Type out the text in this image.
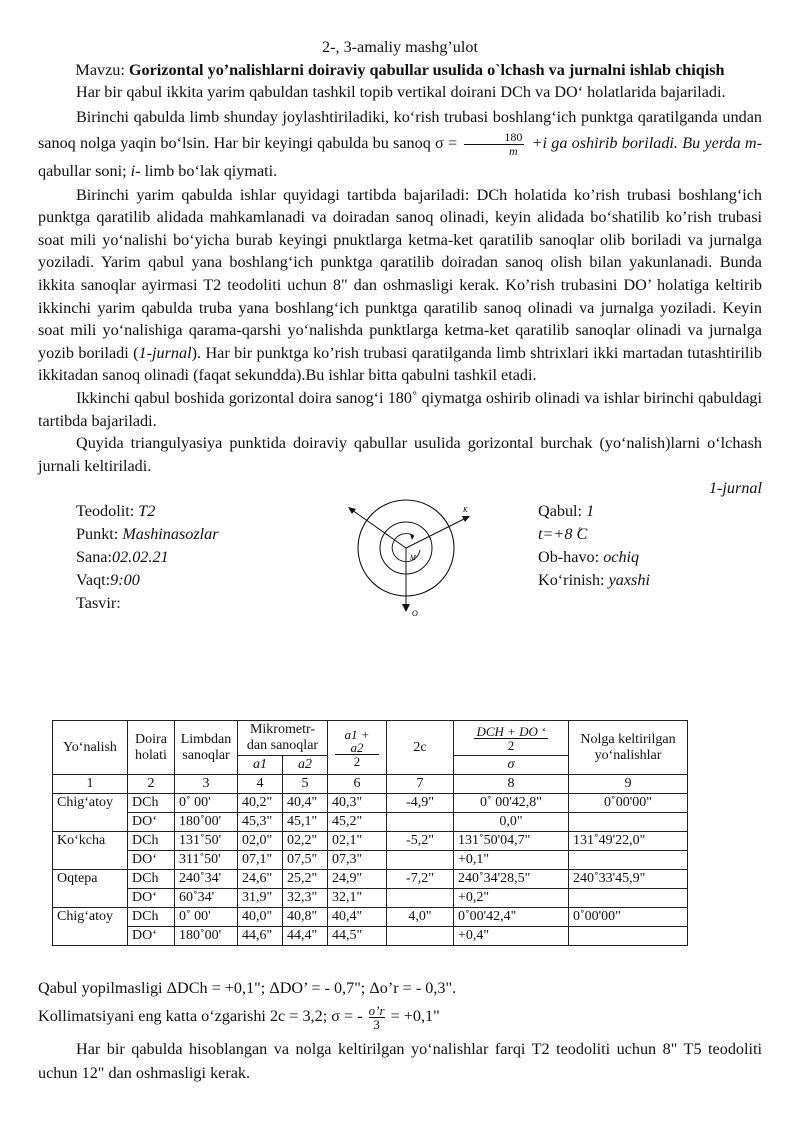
2-, 3-amaliy mashg’ulot

Mavzu: Gorizontal yo’nalishlarni doiraviy qabullar usulida o`lchash va jurnalni ishlab chiqish

Har bir qabul ikkita yarim qabuldan tashkil topib vertikal doirani DCh va DO‘ holatlarida bajariladi.

Birinchi qabulda limb shunday joylashtiriladiki, ko‘rish trubasi boshlang‘ich punktga qaratilganda undan sanoq nolga yaqin bo‘lsin. Har bir keyingi qabulda bu sanoq $\sigma = \frac{180}{m} +i$ ga oshirib boriladi. Bu yerda m- qabullar soni; i- limb bo‘lak qiymati.

Birinchi yarim qabulda ishlar quyidagi tartibda bajariladi: DCh holatida ko’rish trubasi boshlang‘ich punktga qaratilib alidada mahkamlanadi va doiradan sanoq olinadi, keyin alidada bo‘shatilib ko’rish trubasi soat mili yo‘nalishi bo‘yicha burab keyingi pnuktlarga ketma-ket qaratilib sanoqlar olib boriladi va jurnalga yoziladi. Yarim qabul yana boshlang‘ich punktga qaratilib doiradan sanoq olish bilan yakunlanadi. Bunda ikkita sanoqlar ayirmasi T2 teodoliti uchun 8" dan oshmasligi kerak. Ko’rish trubasini DO’ holatiga keltirib ikkinchi yarim qabulda truba yana boshlang‘ich punktga qaratilib sanoq olinadi va jurnalga yoziladi. Keyin soat mili yo‘nalishiga qarama-qarshi yo‘nalishda punktlarga ketma-ket qaratilib sanoqlar olinadi va jurnalga yozib boriladi (1-jurnal). Har bir punktga ko’rish trubasi qaratilganda limb shtrixlari ikki martadan tutashtirilib ikkitadan sanoq olinadi (faqat sekundda).Bu ishlar bitta qabulni tashkil etadi.

Ikkinchi qabul boshida gorizontal doira sanog‘i 180˚ qiymatga oshirib olinadi va ishlar birinchi qabuldagi tartibda bajariladi.

Quyida triangulyasiya punktida doiraviy qabullar usulida gorizontal burchak (yo‘nalish)larni o‘lchash jurnali keltiriladi.

1-jurnal

Teodolit: T2
Punkt: Mashinasozlar
Sana:02.02.21
Vaqt:9:00
Tasvir:
K
M
O
Qabul: 1
t=+8 ̊C
Ob-havo: ochiq
Ko‘rinish: yaxshi
Yo‘nalish	Doira holati	Limbdan sanoqlar	Mikrometr-dan sanoqlar		$\frac{a1 + a2}{2}$	2c	$\frac{\text{DCH + DO ‘}}{2}$	Nolga keltirilgan yo‘nalishlar
			a1	a2			σ	
1	2	3	4	5	6	7	8	9
Chig‘atoy	DCh	0˚ 00'	40,2"	40,4"	40,3"	-4,9"	0˚ 00'42,8"	0˚00'00"
	DO‘	180˚00'	45,3"	45,1"	45,2"		0,0"	
Ko‘kcha	DCh	131˚50'	02,0"	02,2"	02,1"	-5,2"	131˚50'04,7"	131˚49'22,0"
	DO‘	311˚50'	07,1"	07,5"	07,3"		+0,1"	
Oqtepa	DCh	240˚34'	24,6"	25,2"	24,9"	-7,2"	240˚34'28,5"	240˚33'45,9"
	DO‘	60˚34'	31,9"	32,3"	32,1"		+0,2"	
Chig‘atoy	DCh	0˚ 00'	40,0"	40,8"	40,4"	4,0"	0˚00'42,4"	0˚00'00"
	DO‘	180˚00'	44,6"	44,4"	44,5"		+0,4"	

Qabul yopilmasligi ΔDCh = +0,1"; ΔDO’ = - 0,7"; Δo’r = - 0,3".

Kollimatsiyani eng katta o‘zgarishi 2c = 3,2; σ = - $\frac{o’r}{3} = +0,1$"

Har bir qabulda hisoblangan va nolga keltirilgan yo‘nalishlar farqi T2 teodoliti uchun 8" T5 teodoliti uchun 12" dan oshmasligi kerak.
